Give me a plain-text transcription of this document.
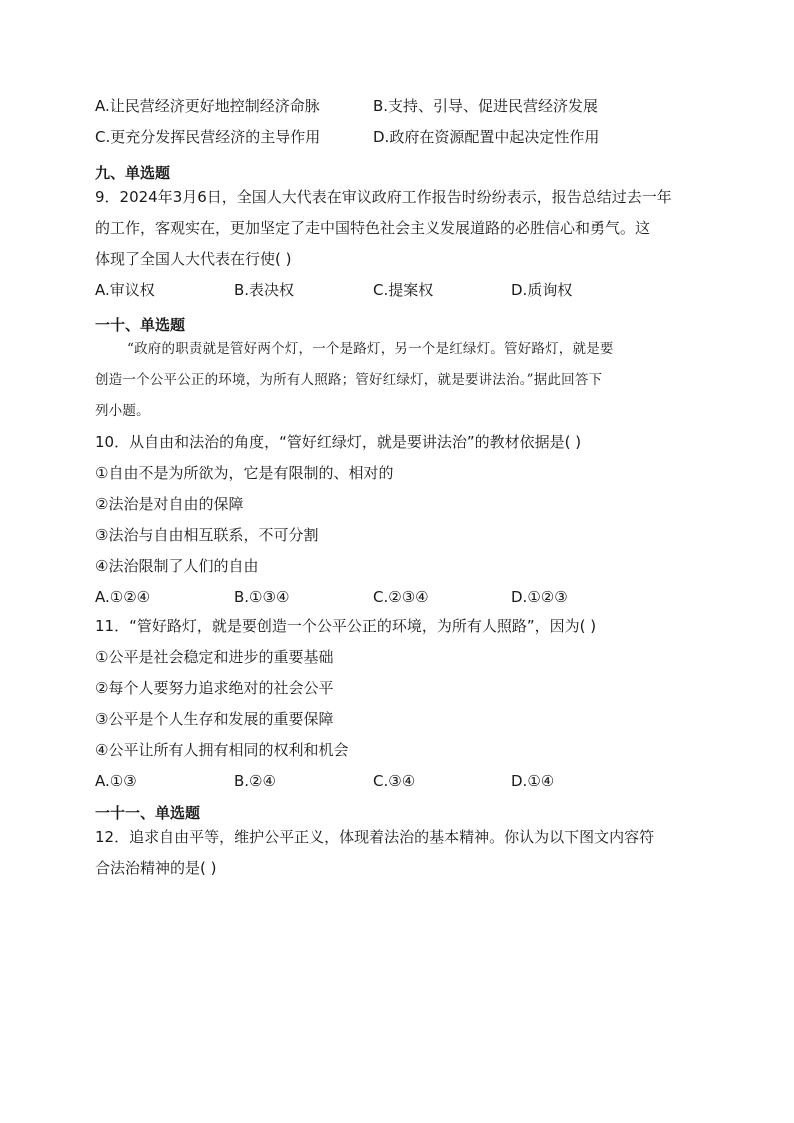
A.让民营经济更好地控制经济命脉	B.支持、引导、促进民营经济发展
C.更充分发挥民营经济的主导作用	D.政府在资源配置中起决定性作用
九、单选题
9．2024年3月6日，全国人大代表在审议政府工作报告时纷纷表示，报告总结过去一年
的工作，客观实在，更加坚定了走中国特色社会主义发展道路的必胜信心和勇气。这
体现了全国人大代表在行使( )
A.审议权	B.表决权	C.提案权	D.质询权
一十、单选题
“政府的职责就是管好两个灯，一个是路灯，另一个是红绿灯。管好路灯，就是要
创造一个公平公正的环境，为所有人照路；管好红绿灯，就是要讲法治。”据此回答下
列小题。
10．从自由和法治的角度，“管好红绿灯，就是要讲法治”的教材依据是( )
①自由不是为所欲为，它是有限制的、相对的
②法治是对自由的保障
③法治与自由相互联系，不可分割
④法治限制了人们的自由
A.①②④	B.①③④	C.②③④	D.①②③
11．“管好路灯，就是要创造一个公平公正的环境，为所有人照路”，因为( )
①公平是社会稳定和进步的重要基础
②每个人要努力追求绝对的社会公平
③公平是个人生存和发展的重要保障
④公平让所有人拥有相同的权利和机会
A.①③	B.②④	C.③④	D.①④
一十一、单选题
12．追求自由平等，维护公平正义，体现着法治的基本精神。你认为以下图文内容符
合法治精神的是( )
